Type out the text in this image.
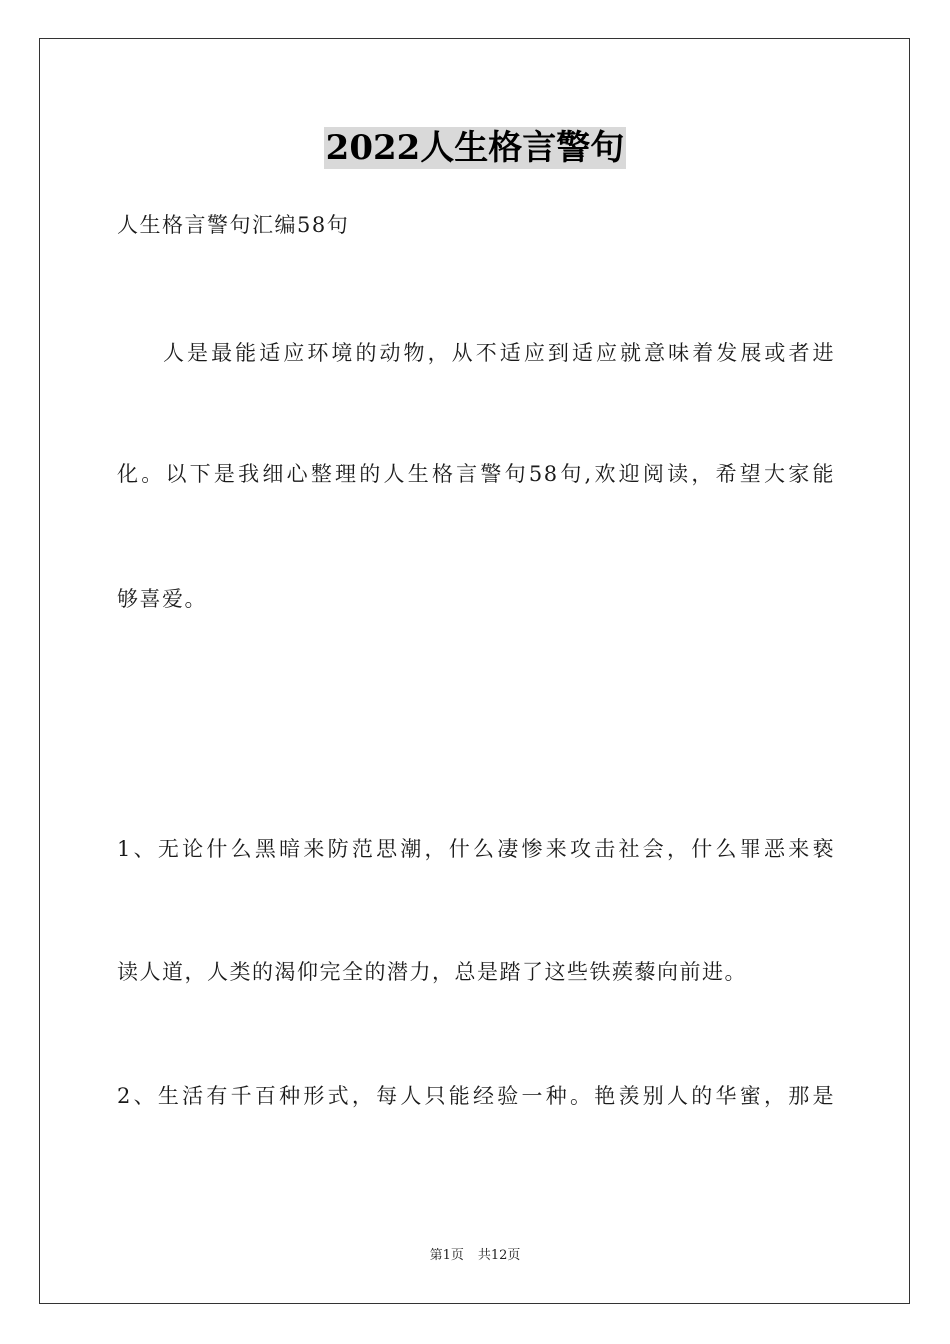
2022人生格言警句
人生格言警句汇编58句
人是最能适应环境的动物，从不适应到适应就意味着发展或者进
化。以下是我细心整理的人生格言警句58句,欢迎阅读，希望大家能
够喜爱。
1、无论什么黑暗来防范思潮，什么凄惨来攻击社会，什么罪恶来亵
读人道，人类的渴仰完全的潜力，总是踏了这些铁蒺藜向前进。
2、生活有千百种形式，每人只能经验一种。艳羡别人的华蜜，那是
第1页 共12页
